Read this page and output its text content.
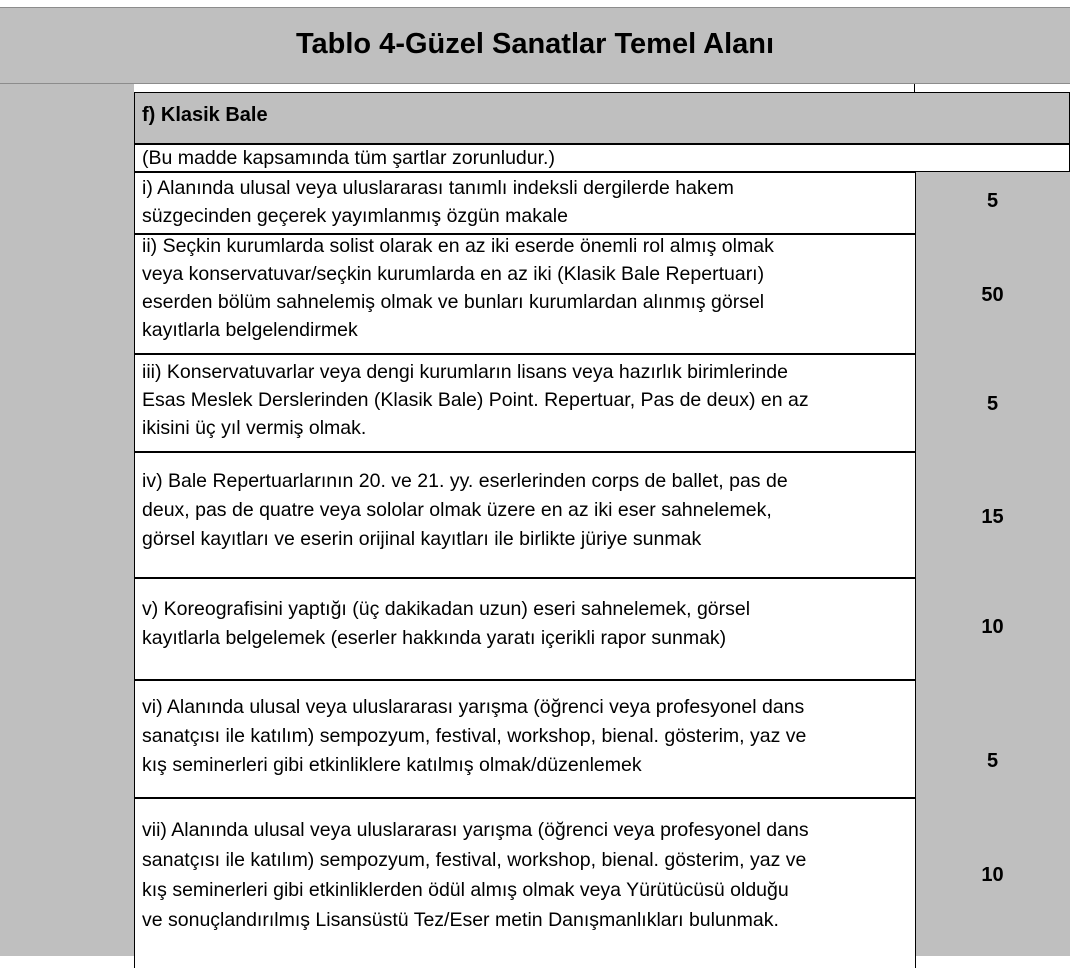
Tablo 4-Güzel Sanatlar Temel Alanı
f) Klasik Bale
(Bu madde kapsamında tüm şartlar zorunludur.)
i) Alanında ulusal veya uluslararası tanımlı indeksli dergilerde hakem
süzgecinden geçerek yayımlanmış özgün makale
5
ii) Seçkin kurumlarda solist olarak en az iki eserde önemli rol almış olmak
veya konservatuvar/seçkin kurumlarda en az iki (Klasik Bale Repertuarı)
eserden bölüm sahnelemiş olmak ve bunları kurumlardan alınmış görsel
kayıtlarla belgelendirmek
50
iii) Konservatuvarlar veya dengi kurumların lisans veya hazırlık birimlerinde
Esas Meslek Derslerinden (Klasik Bale) Point. Repertuar, Pas de deux) en az
ikisini üç yıl vermiş olmak.
5
iv) Bale Repertuarlarının 20. ve 21. yy. eserlerinden corps de ballet, pas de
deux, pas de quatre veya sololar olmak üzere en az iki eser sahnelemek,
görsel kayıtları ve eserin orijinal kayıtları ile birlikte jüriye sunmak
15
v) Koreografisini yaptığı (üç dakikadan uzun) eseri sahnelemek, görsel
kayıtlarla belgelemek (eserler hakkında yaratı içerikli rapor sunmak)	10
vi) Alanında ulusal veya uluslararası yarışma (öğrenci veya profesyonel dans
sanatçısı ile katılım) sempozyum, festival, workshop, bienal. gösterim, yaz ve
kış seminerleri gibi etkinliklere katılmış olmak/düzenlemek	5
vii) Alanında ulusal veya uluslararası yarışma (öğrenci veya profesyonel dans
sanatçısı ile katılım) sempozyum, festival, workshop, bienal. gösterim, yaz ve
kış seminerleri gibi etkinliklerden ödül almış olmak veya Yürütücüsü olduğu
ve sonuçlandırılmış Lisansüstü Tez/Eser metin Danışmanlıkları bulunmak.
10
